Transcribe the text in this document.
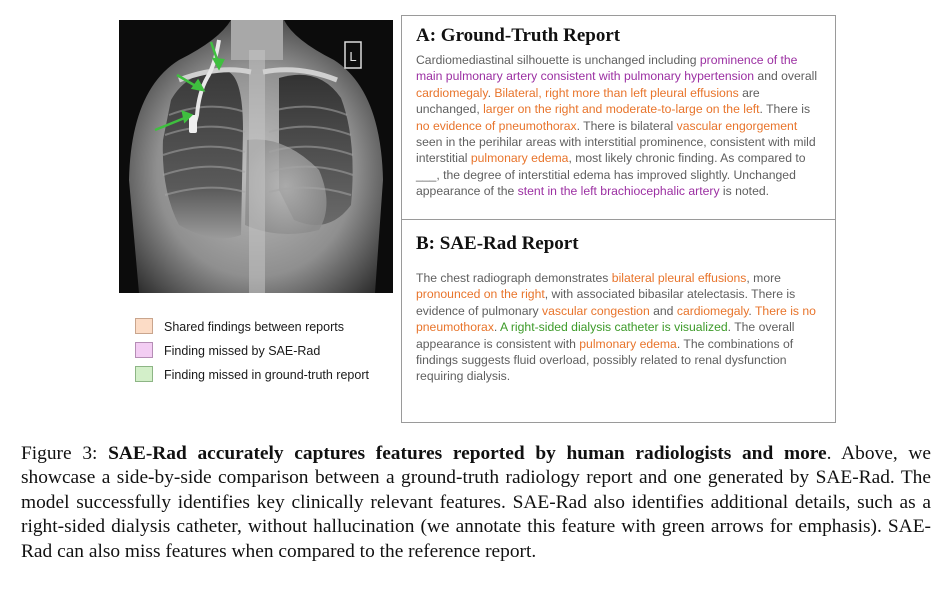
L
Shared findings between reports
Finding missed by SAE-Rad
Finding missed in ground-truth report
A: Ground-Truth Report

Cardiomediastinal silhouette is unchanged including prominence of the main pulmonary artery consistent with pulmonary hypertension and overall cardiomegaly. Bilateral, right more than left pleural effusions are unchanged, larger on the right and moderate-to-large on the left. There is no evidence of pneumothorax. There is bilateral vascular engorgement seen in the perihilar areas with interstitial prominence, consistent with mild interstitial pulmonary edema, most likely chronic finding. As compared to ___, the degree of interstitial edema has improved slightly. Unchanged appearance of the stent in the left brachiocephalic artery is noted.

B: SAE-Rad Report

The chest radiograph demonstrates bilateral pleural effusions, more pronounced on the right, with associated bibasilar atelectasis. There is evidence of pulmonary vascular congestion and cardiomegaly. There is no pneumothorax. A right-sided dialysis catheter is visualized. The overall appearance is consistent with pulmonary edema. The combinations of findings suggests fluid overload, possibly related to renal dysfunction requiring dialysis.

Figure 3: SAE-Rad accurately captures features reported by human radiologists and more. Above, we showcase a side-by-side comparison between a ground-truth radiology report and one generated by SAE-Rad. The model successfully identifies key clinically relevant features. SAE-Rad also identifies additional details, such as a right-sided dialysis catheter, without hallucination (we annotate this feature with green arrows for emphasis). SAE-Rad can also miss features when compared to the reference report.
